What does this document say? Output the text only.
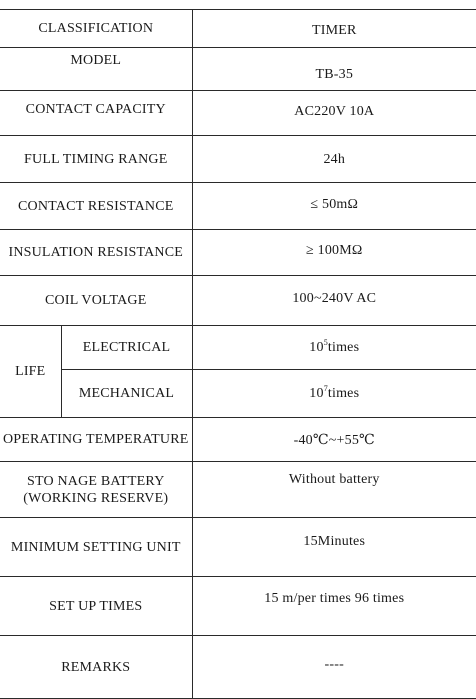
CLASSIFICATION		TIMER
MODEL		TB-35
CONTACT CAPACITY		AC220V 10A
FULL TIMING RANGE		24h
CONTACT RESISTANCE		≤ 50mΩ
INSULATION RESISTANCE		≥ 100MΩ
COIL VOLTAGE		100~240V AC
LIFE	ELECTRICAL	$10^5times$
	MECHANICAL	$10^7times$
OPERATING TEMPERATURE		-40℃~+55℃

STO NAGE BATTERY
(WORKING RESERVE)		Without battery
MINIMUM SETTING UNIT		15Minutes
SET UP TIMES		15 m/per times 96 times
REMARKS		----
